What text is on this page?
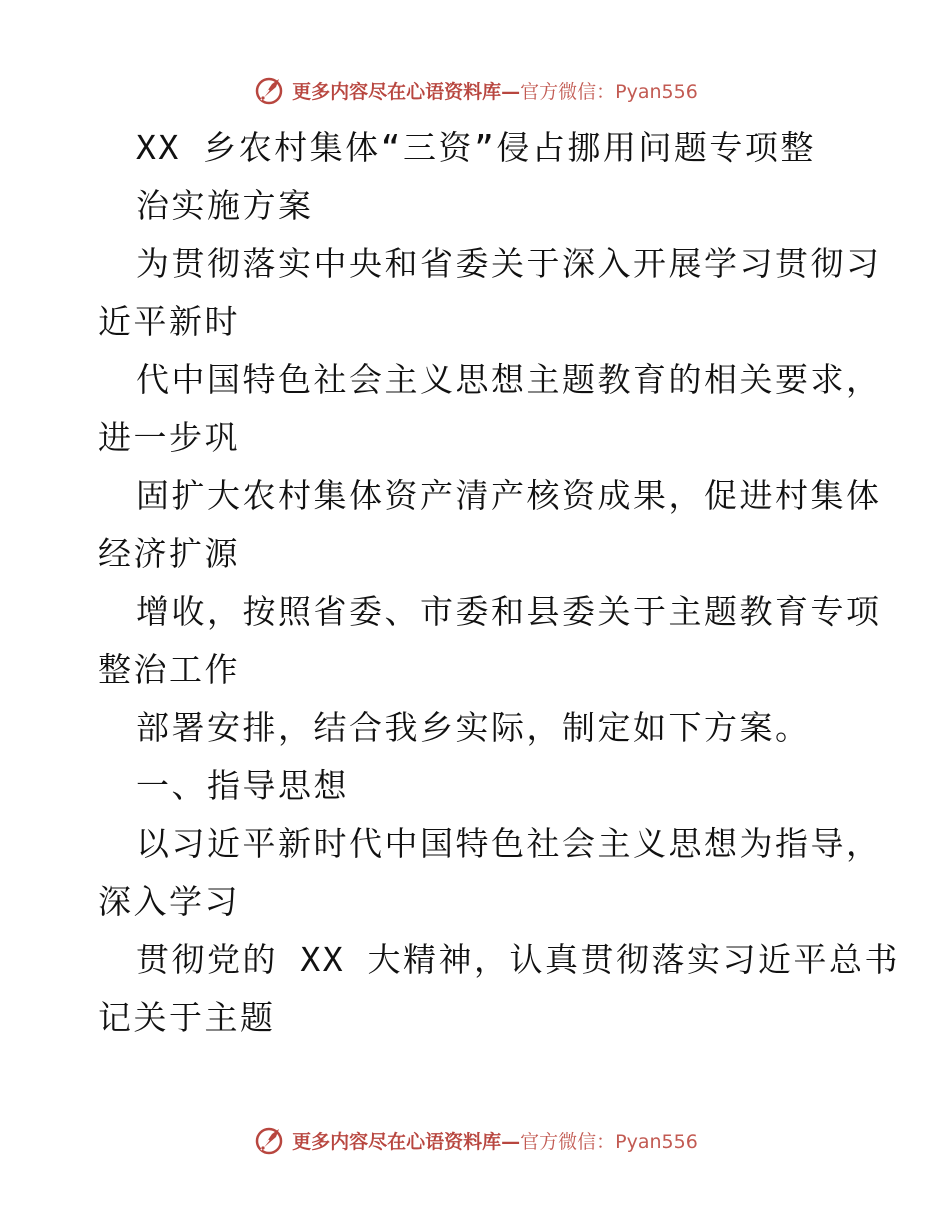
更多内容尽在心语资料库—官方微信：Pyan556
XX 乡农村集体“三资”侵占挪用问题专项整
治实施方案
为贯彻落实中央和省委关于深入开展学习贯彻习
近平新时
代中国特色社会主义思想主题教育的相关要求，
进一步巩
固扩大农村集体资产清产核资成果，促进村集体
经济扩源
增收，按照省委、市委和县委关于主题教育专项
整治工作
部署安排，结合我乡实际，制定如下方案。
一、指导思想
以习近平新时代中国特色社会主义思想为指导，
深入学习
贯彻党的 XX 大精神，认真贯彻落实习近平总书
记关于主题
更多内容尽在心语资料库—官方微信：Pyan556
